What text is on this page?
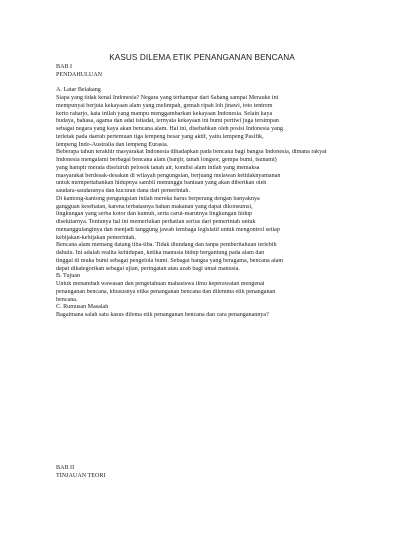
KASUS DILEMA ETIK PENANGANAN BENCANA
BAB I
PENDAHULUAN
A. Latar Belakang
Siapa yang tidak kenal Indonesia? Negara yang terhampar dari Sabang sampai Merauke ini
mempunyai berjuta kekayaan alam yang melimpah, gemah ripah loh jinawi, toto tentrem
kerto raharjo, kata inilah yang mampu menggambarkan kekayaan Indonesia. Selain kaya
budaya, bahasa, agama dan adat istiadat, ternyata kekayaan ini bumi pertiwi juga tersimpan
sebagai negara yang kaya akan bencana alam. Hal ini, disebabkan oleh posisi Indonesia yang
terletak pada daerah pertemuan tiga lempeng besar yang aktif, yaitu lempeng Pasifik,
lempeng Indo-Australia dan lempeng Eurasia.
Beberapa tahun terakhir masyarakat Indonesia dihadapkan pada bencana bagi bangsa Indonesia, dimana rakyat
Indonesia mengalami berbagai bencana alam (banjir, tanah longsor, gempa bumi, tsunami)
yang hampir merata diseluruh pelosok tanah air, kondisi alam inilah yang memaksa
masyarakat berdesak-desakan di wilayah pengungsian, berjuang melawan ketidaknyamanan
untuk mempertahankan hidupnya sambil menunggu bantuan yang akan diberikan oleh
saudara-saudaranya dan kucuran dana dari pemerintah.
Di kantong-kantong pengungsian inilah mereka harus berperang dengan banyaknya
gangguan kesehatan, karena terbatasnya bahan makanan yang dapat dikonsumsi,
lingkungan yang serba kotor dan kumuh, serta carut-marutnya lingkungan hidup
disekitarnya. Tentunya hal ini memerlukan perhatian serius dari pemerintah untuk
menanggulanginya dan menjadi tanggung jawab lembaga legislatif untuk mengontrol setiap
kebijakan-kebijakan pemerintah.
Bencana alam memang datang tiba-tiba. Tidak diundang dan tanpa pemberitahuan terlebih
dahulu. Ini adalah realita kehidupan, ketika manusia hidup bergantung pada alam dan
tinggal di muka bumi sebagai pengelola bumi. Sebagai bangsa yang beragama, bencana alam
dapat dikategorikan sebagai ujian, peringatan atau azab bagi umat manusia.
B. Tujuan
Untuk menambah wawasan dan pengetahuan mahasiswa ilmu keperawatan mengenai
penanganan bencana, khususnya etika penanganan bencana dan dilemma etik penanganan
bencana.
C. Rumusan Masalah
Bagaimana salah satu kasus dilema etik penanganan bencana dan cara penanganannya?
BAB II
TINJAUAN TEORI
